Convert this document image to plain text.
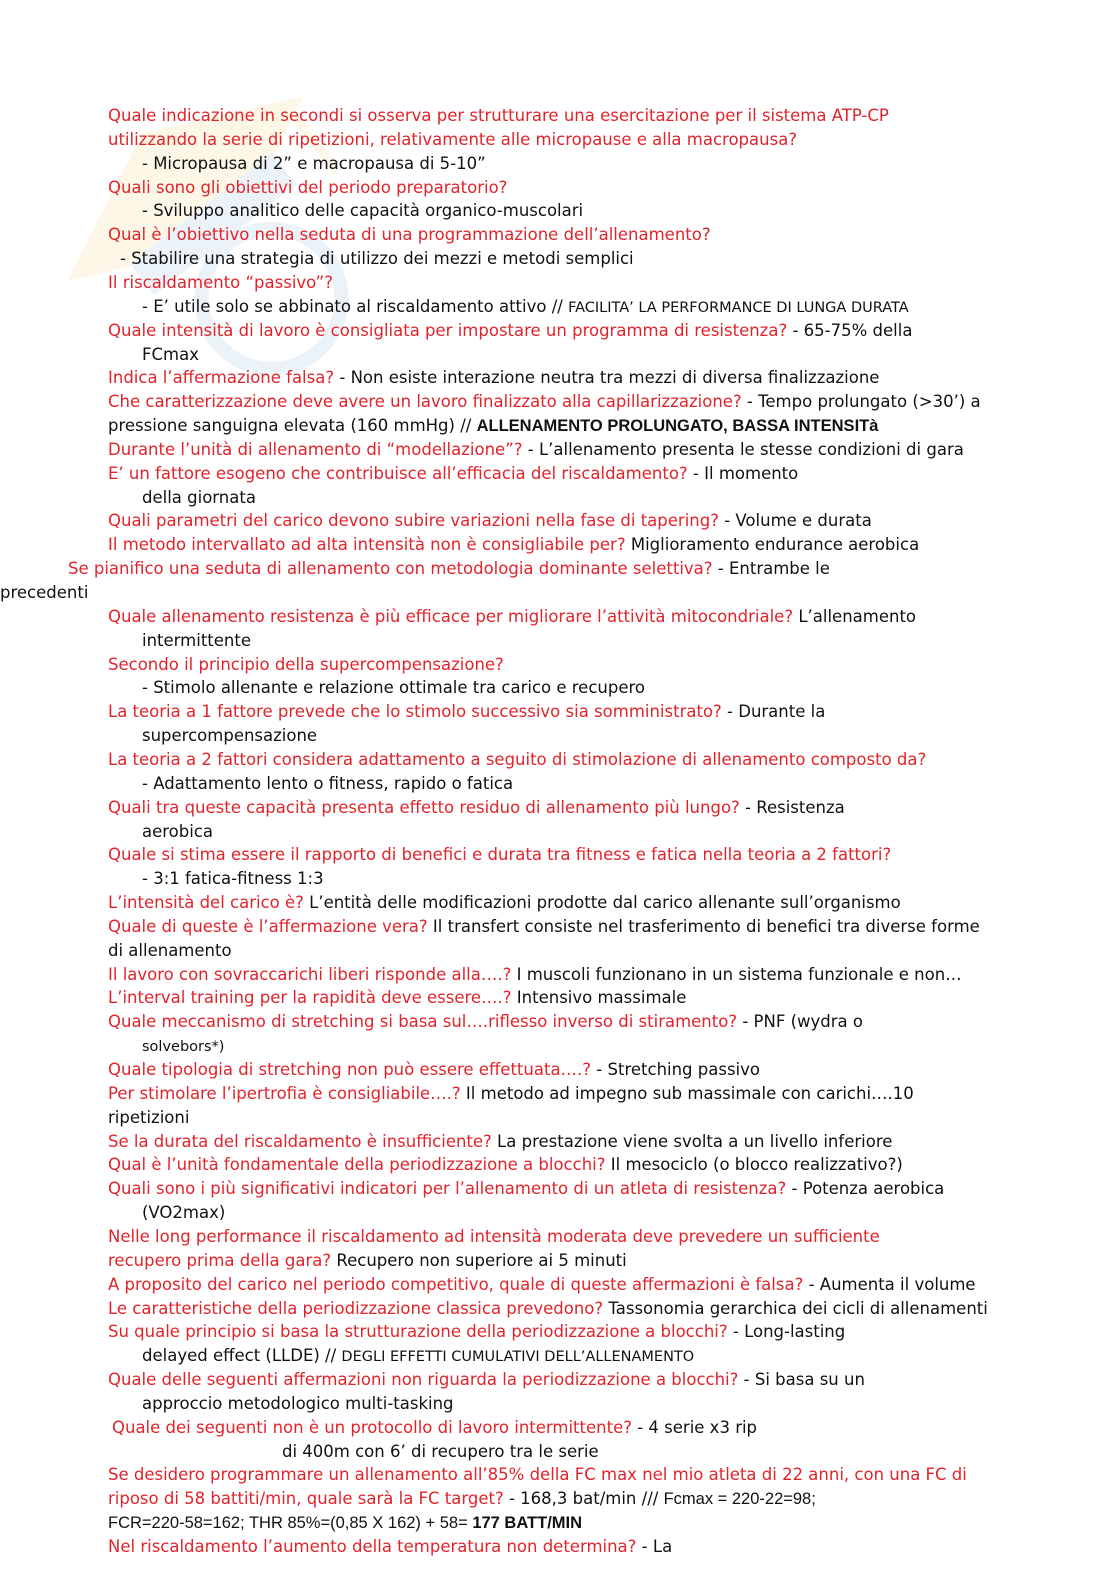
Quale indicazione in secondi si osserva per strutturare una esercitazione per il sistema ATP-CP
utilizzando la serie di ripetizioni, relativamente alle micropause e alla macropausa?
- Micropausa di 2” e macropausa di 5-10”
Quali sono gli obiettivi del periodo preparatorio?
- Sviluppo analitico delle capacità organico-muscolari
Qual è l’obiettivo nella seduta di una programmazione dell’allenamento?
- Stabilire una strategia di utilizzo dei mezzi e metodi semplici
Il riscaldamento “passivo”?
- E’ utile solo se abbinato al riscaldamento attivo // FACILITA’ LA PERFORMANCE DI LUNGA DURATA
Quale intensità di lavoro è consigliata per impostare un programma di resistenza? - 65-75% della
FCmax
Indica l’affermazione falsa? - Non esiste interazione neutra tra mezzi di diversa finalizzazione
Che caratterizzazione deve avere un lavoro finalizzato alla capillarizzazione? - Tempo prolungato (>30’) a
pressione sanguigna elevata (160 mmHg) // ALLENAMENTO PROLUNGATO, BASSA INTENSITà
Durante l’unità di allenamento di “modellazione”? - L’allenamento presenta le stesse condizioni di gara
E’ un fattore esogeno che contribuisce all’efficacia del riscaldamento? - Il momento
della giornata
Quali parametri del carico devono subire variazioni nella fase di tapering? - Volume e durata
Il metodo intervallato ad alta intensità non è consigliabile per? Miglioramento endurance aerobica
Se pianifico una seduta di allenamento con metodologia dominante selettiva? - Entrambe le
precedenti
Quale allenamento resistenza è più efficace per migliorare l’attività mitocondriale? L’allenamento
intermittente
Secondo il principio della supercompensazione?
- Stimolo allenante e relazione ottimale tra carico e recupero
La teoria a 1 fattore prevede che lo stimolo successivo sia somministrato? - Durante la
supercompensazione
La teoria a 2 fattori considera adattamento a seguito di stimolazione di allenamento composto da?
- Adattamento lento o fitness, rapido o fatica
Quali tra queste capacità presenta effetto residuo di allenamento più lungo? - Resistenza
aerobica
Quale si stima essere il rapporto di benefici e durata tra fitness e fatica nella teoria a 2 fattori?
- 3:1 fatica-fitness 1:3
L’intensità del carico è? L’entità delle modificazioni prodotte dal carico allenante sull’organismo
Quale di queste è l’affermazione vera? Il transfert consiste nel trasferimento di benefici tra diverse forme
di allenamento
Il lavoro con sovraccarichi liberi risponde alla….? I muscoli funzionano in un sistema funzionale e non…
L’interval training per la rapidità deve essere….? Intensivo massimale
Quale meccanismo di stretching si basa sul….riflesso inverso di stiramento? - PNF (wydra o
solvebors*)
Quale tipologia di stretching non può essere effettuata….? - Stretching passivo
Per stimolare l’ipertrofia è consigliabile….? Il metodo ad impegno sub massimale con carichi….10
ripetizioni
Se la durata del riscaldamento è insufficiente? La prestazione viene svolta a un livello inferiore
Qual è l’unità fondamentale della periodizzazione a blocchi? Il mesociclo (o blocco realizzativo?)
Quali sono i più significativi indicatori per l’allenamento di un atleta di resistenza? - Potenza aerobica
(VO2max)
Nelle long performance il riscaldamento ad intensità moderata deve prevedere un sufficiente
recupero prima della gara? Recupero non superiore ai 5 minuti
A proposito del carico nel periodo competitivo, quale di queste affermazioni è falsa? - Aumenta il volume
Le caratteristiche della periodizzazione classica prevedono? Tassonomia gerarchica dei cicli di allenamenti
Su quale principio si basa la strutturazione della periodizzazione a blocchi? - Long-lasting
delayed effect (LLDE) // DEGLI EFFETTI CUMULATIVI DELL’ALLENAMENTO
Quale delle seguenti affermazioni non riguarda la periodizzazione a blocchi? - Si basa su un
approccio metodologico multi-tasking
Quale dei seguenti non è un protocollo di lavoro intermittente? - 4 serie x3 rip
di 400m con 6’ di recupero tra le serie
Se desidero programmare un allenamento all’85% della FC max nel mio atleta di 22 anni, con una FC di
riposo di 58 battiti/min, quale sarà la FC target? - 168,3 bat/min /// Fcmax = 220-22=98;
FCR=220-58=162; THR 85%=(0,85 X 162) + 58= 177 BATT/MIN
Nel riscaldamento l’aumento della temperatura non determina? - La
